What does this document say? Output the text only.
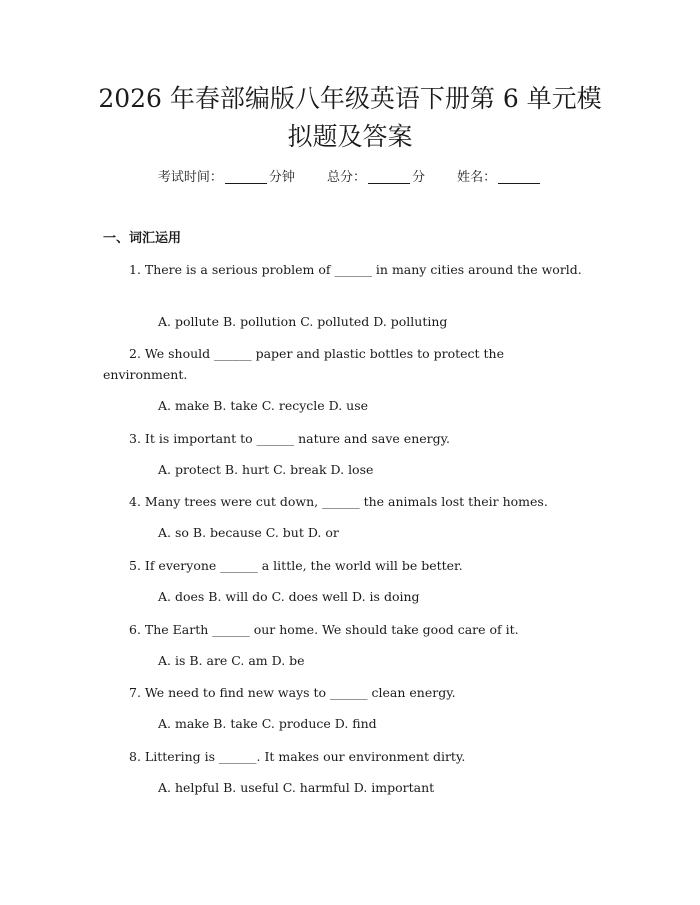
2026 年春部编版八年级英语下册第 6 单元模
拟题及答案
考试时间：	分钟 总分：	分 姓名：
一、词汇运用

1. There is a serious problem of ______ in many cities around the world.

A. pollute B. pollution C. polluted D. polluting

2. We should ______ paper and plastic bottles to protect the environment.

A. make B. take C. recycle D. use

3. It is important to ______ nature and save energy.

A. protect B. hurt C. break D. lose

4. Many trees were cut down, ______ the animals lost their homes.

A. so B. because C. but D. or

5. If everyone ______ a little, the world will be better.

A. does B. will do C. does well D. is doing

6. The Earth ______ our home. We should take good care of it.

A. is B. are C. am D. be

7. We need to find new ways to ______ clean energy.

A. make B. take C. produce D. find

8. Littering is ______. It makes our environment dirty.

A. helpful B. useful C. harmful D. important
